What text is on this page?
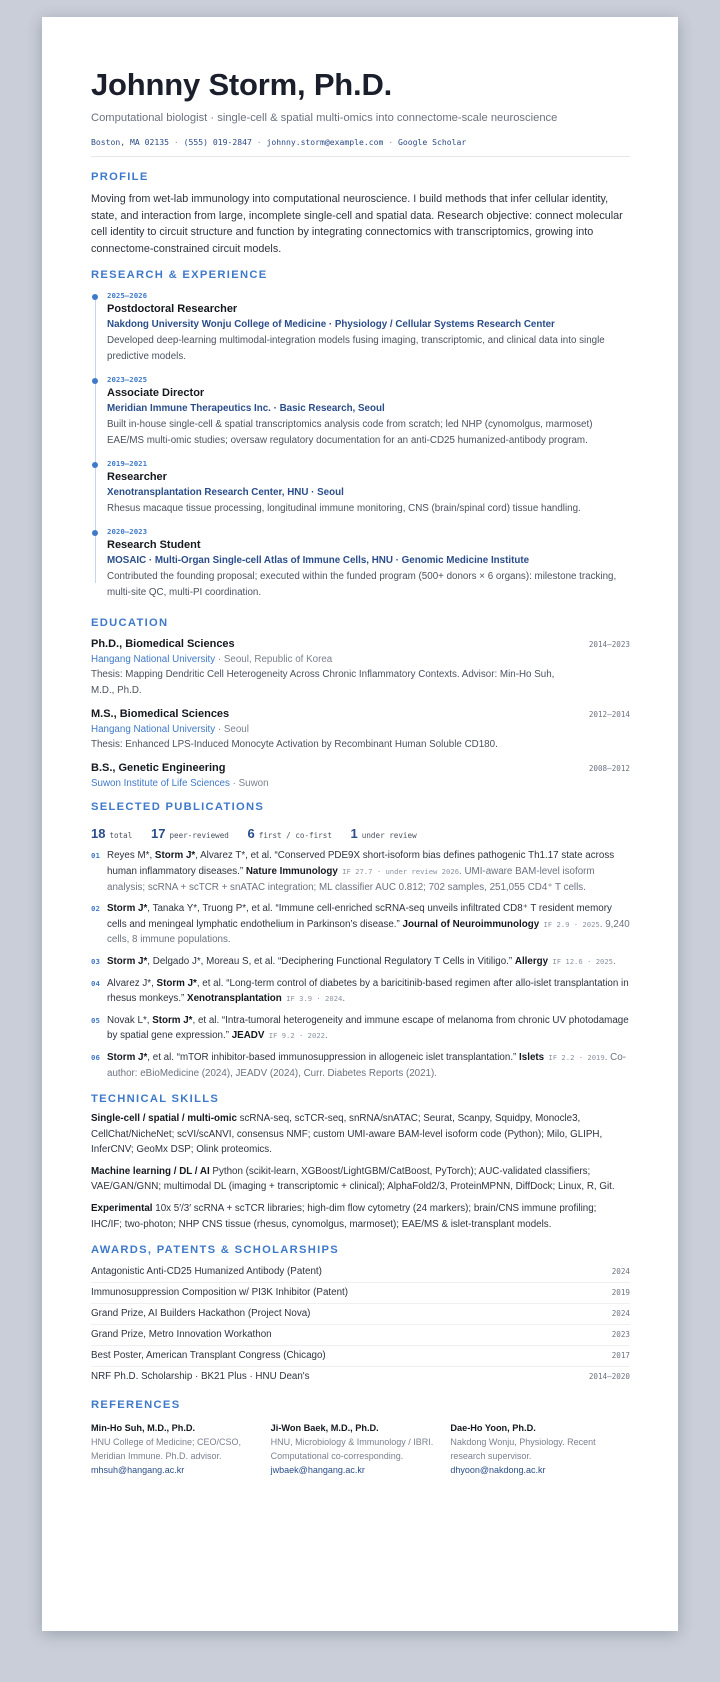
Johnny Storm, Ph.D.
Computational biologist · single-cell & spatial multi-omics into connectome-scale neuroscience
Boston, MA 02135 · (555) 019-2847 · johnny.storm@example.com · Google Scholar
PROFILE
Moving from wet-lab immunology into computational neuroscience. I build methods that infer cellular identity, state, and interaction from large, incomplete single-cell and spatial data. Research objective: connect molecular cell identity to circuit structure and function by integrating connectomics with transcriptomics, growing into connectome-constrained circuit models.
RESEARCH & EXPERIENCE
2025–2026
Postdoctoral Researcher
Nakdong University Wonju College of Medicine · Physiology / Cellular Systems Research Center
Developed deep-learning multimodal-integration models fusing imaging, transcriptomic, and clinical data into single predictive models.
2023–2025
Associate Director
Meridian Immune Therapeutics Inc. · Basic Research, Seoul
Built in-house single-cell & spatial transcriptomics analysis code from scratch; led NHP (cynomolgus, marmoset) EAE/MS multi-omic studies; oversaw regulatory documentation for an anti-CD25 humanized-antibody program.
2019–2021
Researcher
Xenotransplantation Research Center, HNU · Seoul
Rhesus macaque tissue processing, longitudinal immune monitoring, CNS (brain/spinal cord) tissue handling.
2020–2023
Research Student
MOSAIC · Multi-Organ Single-cell Atlas of Immune Cells, HNU · Genomic Medicine Institute
Contributed the founding proposal; executed within the funded program (500+ donors × 6 organs): milestone tracking, multi-site QC, multi-PI coordination.
EDUCATION
Ph.D., Biomedical Sciences	2014–2023
Hangang National University · Seoul, Republic of Korea
Thesis: Mapping Dendritic Cell Heterogeneity Across Chronic Inflammatory Contexts. Advisor: Min-Ho Suh, M.D., Ph.D.
M.S., Biomedical Sciences	2012–2014
Hangang National University · Seoul
Thesis: Enhanced LPS-Induced Monocyte Activation by Recombinant Human Soluble CD180.
B.S., Genetic Engineering	2008–2012
Suwon Institute of Life Sciences · Suwon
SELECTED PUBLICATIONS
18 total 17 peer-reviewed 6 first / co-first 1 under review
01 Reyes M*, Storm J*, Alvarez T*, et al. “Conserved PDE9X short-isoform bias defines pathogenic Th1.17 state across human inflammatory diseases.” Nature Immunology IF 27.7 · under review 2026. UMI-aware BAM-level isoform analysis; scRNA + scTCR + snATAC integration; ML classifier AUC 0.812; 702 samples, 251,055 CD4⁺ T cells.
02 Storm J*, Tanaka Y*, Truong P*, et al. “Immune cell-enriched scRNA-seq unveils infiltrated CD8⁺ T resident memory cells and meningeal lymphatic endothelium in Parkinson’s disease.” Journal of Neuroimmunology IF 2.9 · 2025. 9,240 cells, 8 immune populations.
03 Storm J*, Delgado J*, Moreau S, et al. “Deciphering Functional Regulatory T Cells in Vitiligo.” Allergy IF 12.6 · 2025.
04 Alvarez J*, Storm J*, et al. “Long-term control of diabetes by a baricitinib-based regimen after allo-islet transplantation in rhesus monkeys.” Xenotransplantation IF 3.9 · 2024.
05 Novak L*, Storm J*, et al. “Intra-tumoral heterogeneity and immune escape of melanoma from chronic UV photodamage by spatial gene expression.” JEADV IF 9.2 · 2022.
06 Storm J*, et al. “mTOR inhibitor-based immunosuppression in allogeneic islet transplantation.” Islets IF 2.2 · 2019. Co-author: eBioMedicine (2024), JEADV (2024), Curr. Diabetes Reports (2021).
TECHNICAL SKILLS
Single-cell / spatial / multi-omic scRNA-seq, scTCR-seq, snRNA/snATAC; Seurat, Scanpy, Squidpy, Monocle3, CellChat/NicheNet; scVI/scANVI, consensus NMF; custom UMI-aware BAM-level isoform code (Python); Milo, GLIPH, InferCNV; GeoMx DSP; Olink proteomics.
Machine learning / DL / AI Python (scikit-learn, XGBoost/LightGBM/CatBoost, PyTorch); AUC-validated classifiers; VAE/GAN/GNN; multimodal DL (imaging + transcriptomic + clinical); AlphaFold2/3, ProteinMPNN, DiffDock; Linux, R, Git.
Experimental 10x 5′/3′ scRNA + scTCR libraries; high-dim flow cytometry (24 markers); brain/CNS immune profiling; IHC/IF; two-photon; NHP CNS tissue (rhesus, cynomolgus, marmoset); EAE/MS & islet-transplant models.
AWARDS, PATENTS & SCHOLARSHIPS
Antagonistic Anti-CD25 Humanized Antibody (Patent)	2024
Immunosuppression Composition w/ PI3K Inhibitor (Patent)	2019
Grand Prize, AI Builders Hackathon (Project Nova)	2024
Grand Prize, Metro Innovation Workathon	2023
Best Poster, American Transplant Congress (Chicago)	2017
NRF Ph.D. Scholarship · BK21 Plus · HNU Dean's	2014–2020
REFERENCES
Min-Ho Suh, M.D., Ph.D.
HNU College of Medicine; CEO/CSO, Meridian Immune. Ph.D. advisor.
mhsuh@hangang.ac.kr
Ji-Won Baek, M.D., Ph.D.
HNU, Microbiology & Immunology / IBRI. Computational co-corresponding.
jwbaek@hangang.ac.kr
Dae-Ho Yoon, Ph.D.
Nakdong Wonju, Physiology. Recent research supervisor.
dhyoon@nakdong.ac.kr
